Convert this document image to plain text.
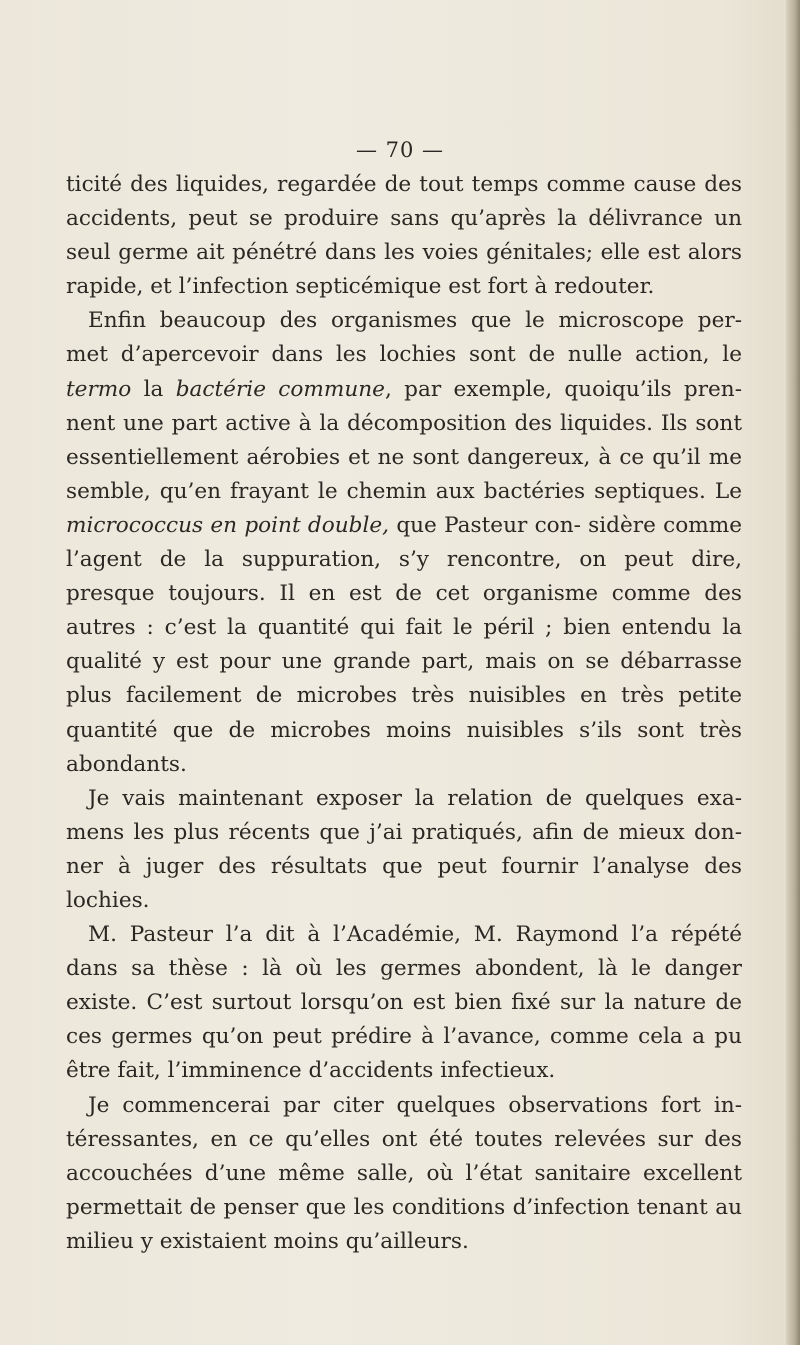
— 70 —

ticité des liquides, regardée de tout temps comme cause des accidents, peut se produire sans qu’après la délivrance un seul germe ait pénétré dans les voies génitales; elle est alors rapide, et l’infection septicémique est fort à redouter.

Enfin beaucoup des organismes que le microscope per- met d’apercevoir dans les lochies sont de nulle action, le termo la bactérie commune, par exemple, quoiqu’ils pren- nent une part active à la décomposition des liquides. Ils sont essentiellement aérobies et ne sont dangereux, à ce qu’il me semble, qu’en frayant le chemin aux bactéries septiques. Le micrococcus en point double, que Pasteur con- sidère comme l’agent de la suppuration, s’y rencontre, on peut dire, presque toujours. Il en est de cet organisme comme des autres : c’est la quantité qui fait le péril ; bien entendu la qualité y est pour une grande part, mais on se débarrasse plus facilement de microbes très nuisibles en très petite quantité que de microbes moins nuisibles s’ils sont très abondants.

Je vais maintenant exposer la relation de quelques exa- mens les plus récents que j’ai pratiqués, afin de mieux don- ner à juger des résultats que peut fournir l’analyse des lochies.

M. Pasteur l’a dit à l’Académie, M. Raymond l’a répété dans sa thèse : là où les germes abondent, là le danger existe. C’est surtout lorsqu’on est bien fixé sur la nature de ces germes qu’on peut prédire à l’avance, comme cela a pu être fait, l’imminence d’accidents infectieux.

Je commencerai par citer quelques observations fort in- téressantes, en ce qu’elles ont été toutes relevées sur des accouchées d’une même salle, où l’état sanitaire excellent permettait de penser que les conditions d’infection tenant au milieu y existaient moins qu’ailleurs.
